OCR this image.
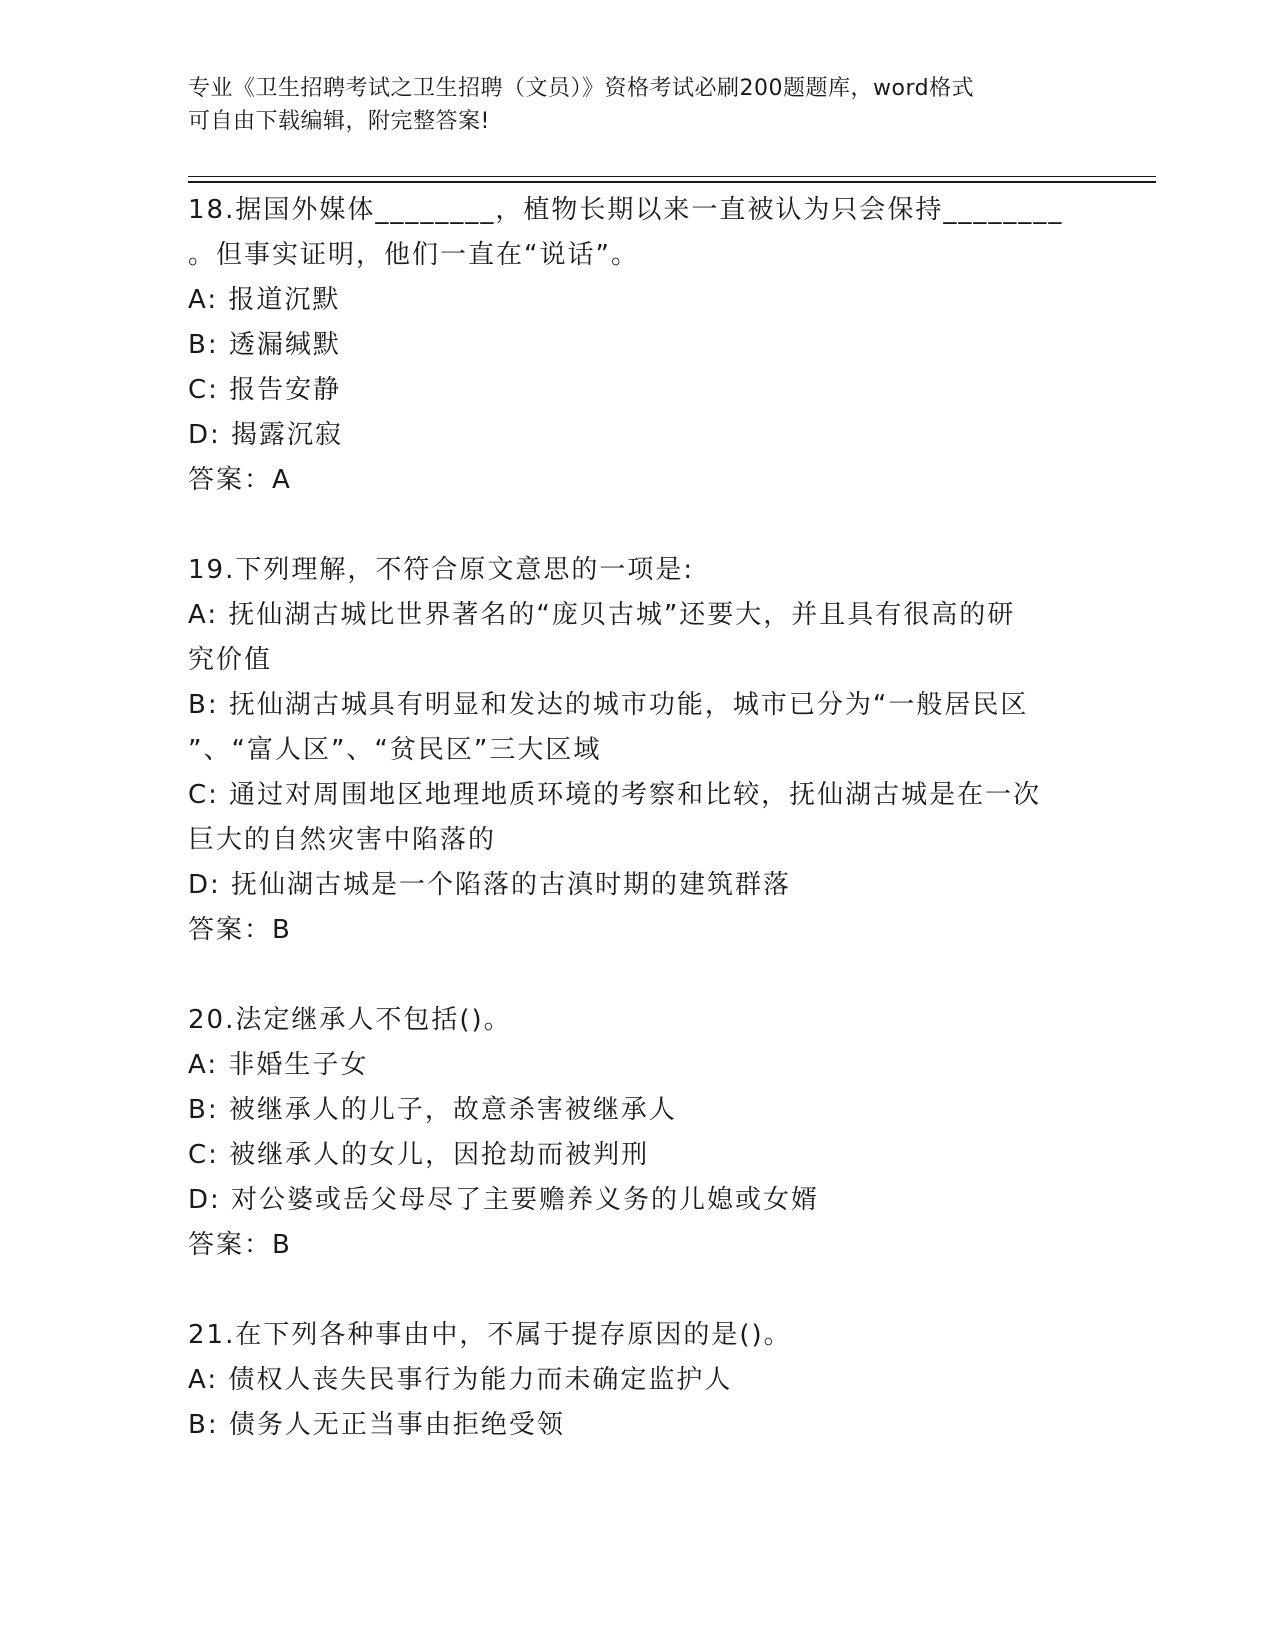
专业《卫生招聘考试之卫生招聘（文员）》资格考试必刷200题题库，word格式
可自由下载编辑，附完整答案!
18.据国外媒体________，植物长期以来一直被认为只会保持________
。但事实证明，他们一直在“说话”。
A: 报道沉默
B: 透漏缄默
C: 报告安静
D: 揭露沉寂
答案：A
19.下列理解，不符合原文意思的一项是:
A: 抚仙湖古城比世界著名的“庞贝古城”还要大，并且具有很高的研
究价值
B: 抚仙湖古城具有明显和发达的城市功能，城市已分为“一般居民区
”、“富人区”、“贫民区”三大区域
C: 通过对周围地区地理地质环境的考察和比较，抚仙湖古城是在一次
巨大的自然灾害中陷落的
D: 抚仙湖古城是一个陷落的古滇时期的建筑群落
答案：B
20.法定继承人不包括()。
A: 非婚生子女
B: 被继承人的儿子，故意杀害被继承人
C: 被继承人的女儿，因抢劫而被判刑
D: 对公婆或岳父母尽了主要赡养义务的儿媳或女婿
答案：B
21.在下列各种事由中，不属于提存原因的是()。
A: 债权人丧失民事行为能力而未确定监护人
B: 债务人无正当事由拒绝受领
